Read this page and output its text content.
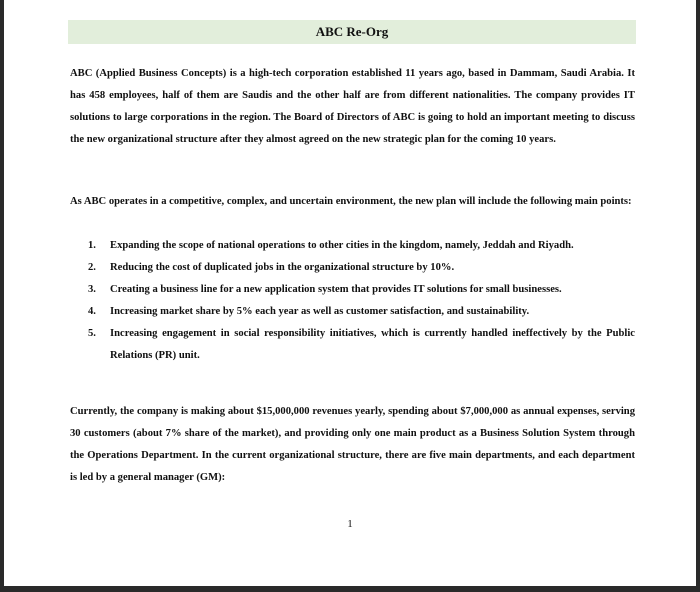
ABC Re-Org

ABC (Applied Business Concepts) is a high-tech corporation established 11 years ago, based in Dammam, Saudi Arabia. It has 458 employees, half of them are Saudis and the other half are from different nationalities. The company provides IT solutions to large corporations in the region. The Board of Directors of ABC is going to hold an important meeting to discuss the new organizational structure after they almost agreed on the new strategic plan for the coming 10 years.

As ABC operates in a competitive, complex, and uncertain environment, the new plan will include the following main points:

1. Expanding the scope of national operations to other cities in the kingdom, namely, Jeddah and Riyadh.
2. Reducing the cost of duplicated jobs in the organizational structure by 10%.
3. Creating a business line for a new application system that provides IT solutions for small businesses.
4. Increasing market share by 5% each year as well as customer satisfaction, and sustainability.
5. Increasing engagement in social responsibility initiatives, which is currently handled ineffectively by the Public Relations (PR) unit.

Currently, the company is making about $15,000,000 revenues yearly, spending about $7,000,000 as annual expenses, serving 30 customers (about 7% share of the market), and providing only one main product as a Business Solution System through the Operations Department. In the current organizational structure, there are five main departments, and each department is led by a general manager (GM):

1
